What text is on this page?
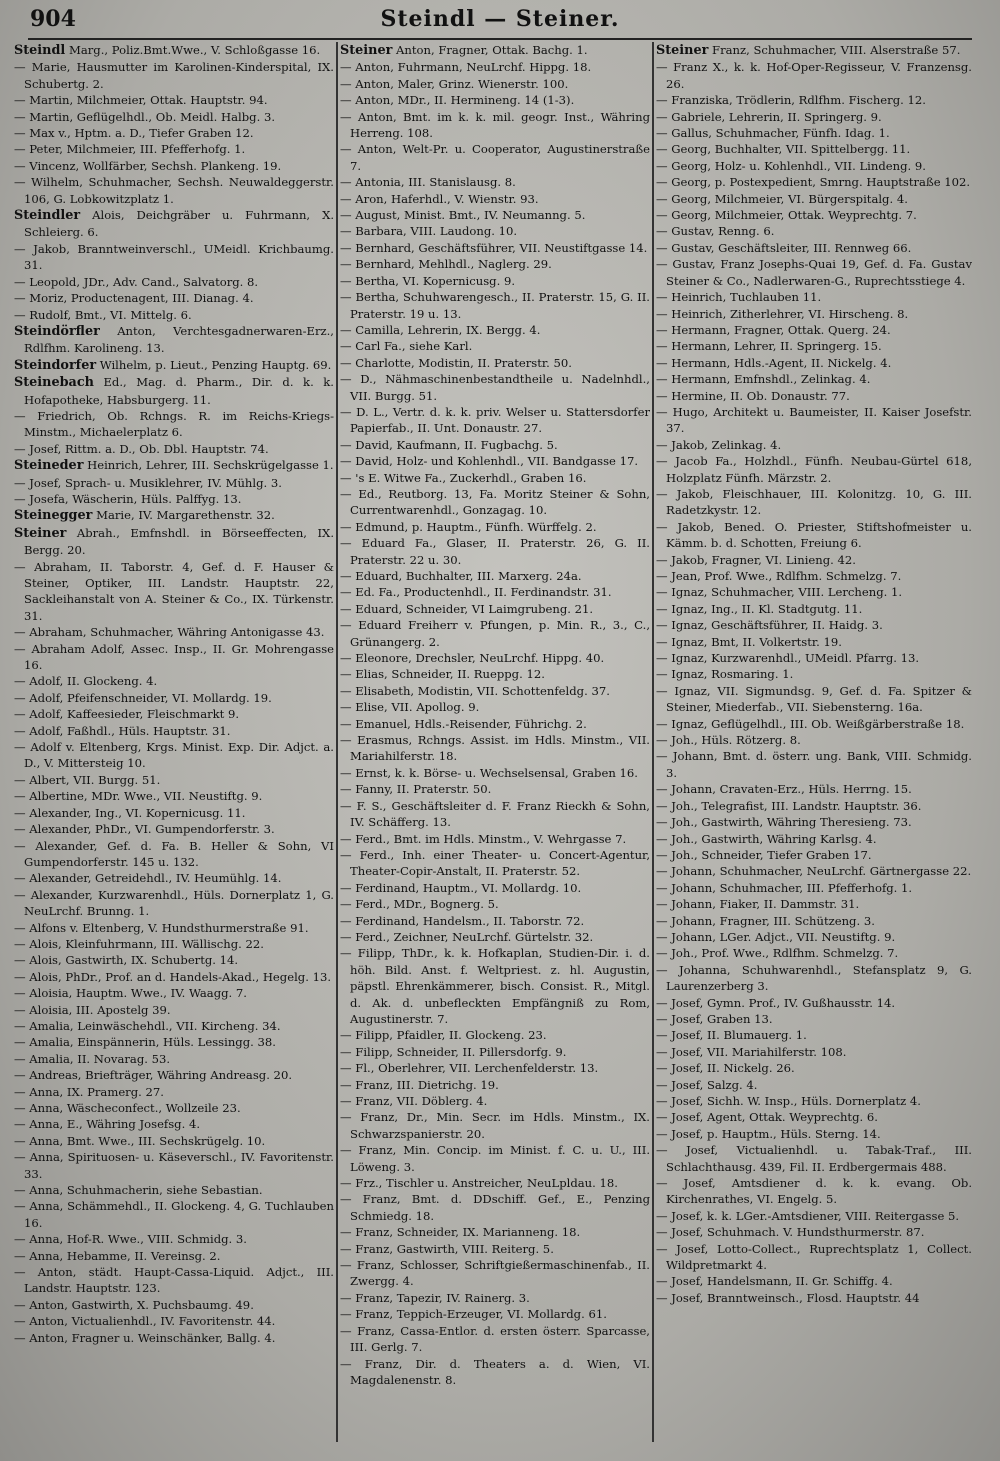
904	Steindl — Steiner.
Steindl Marg., Poliz.Bmt.Wwe., V. Schloßgasse 16.
— Marie, Hausmutter im Karolinen-Kinderspital, IX. Schubertg. 2.
— Martin, Milchmeier, Ottak. Hauptstr. 94.
— Martin, Geflügelhdl., Ob. Meidl. Halbg. 3.
— Max v., Hptm. a. D., Tiefer Graben 12.
— Peter, Milchmeier, III. Pfefferhofg. 1.
— Vincenz, Wollfärber, Sechsh. Plankeng. 19.
— Wilhelm, Schuhmacher, Sechsh. Neuwaldeggerstr. 106, G. Lobkowitzplatz 1.
Steindler Alois, Deichgräber u. Fuhrmann, X. Schleierg. 6.
— Jakob, Branntweinverschl., UMeidl. Krichbaumg. 31.
— Leopold, JDr., Adv. Cand., Salvatorg. 8.
— Moriz, Productenagent, III. Dianag. 4.
— Rudolf, Bmt., VI. Mittelg. 6.
Steindörfler Anton, Verchtesgadnerwaren-Erz., Rdlfhm. Karolineng. 13.
Steindorfer Wilhelm, p. Lieut., Penzing Hauptg. 69.
Steinebach Ed., Mag. d. Pharm., Dir. d. k. k. Hofapotheke, Habsburgerg. 11.
— Friedrich, Ob. Rchngs. R. im Reichs-Kriegs-Minstm., Michaelerplatz 6.
— Josef, Rittm. a. D., Ob. Dbl. Hauptstr. 74.
Steineder Heinrich, Lehrer, III. Sechskrügelgasse 1.
— Josef, Sprach- u. Musiklehrer, IV. Mühlg. 3.
— Josefa, Wäscherin, Hüls. Palffyg. 13.
Steinegger Marie, IV. Margarethenstr. 32.
Steiner Abrah., Emfnshdl. in Börseeffecten, IX. Bergg. 20.
— Abraham, II. Taborstr. 4, Gef. d. F. Hauser & Steiner, Optiker, III. Landstr. Hauptstr. 22, Sackleihanstalt von A. Steiner & Co., IX. Türkenstr. 31.
— Abraham, Schuhmacher, Währing Antonigasse 43.
— Abraham Adolf, Assec. Insp., II. Gr. Mohrengasse 16.
— Adolf, II. Glockeng. 4.
— Adolf, Pfeifenschneider, VI. Mollardg. 19.
— Adolf, Kaffeesieder, Fleischmarkt 9.
— Adolf, Faßhdl., Hüls. Hauptstr. 31.
— Adolf v. Eltenberg, Krgs. Minist. Exp. Dir. Adjct. a. D., V. Mittersteig 10.
— Albert, VII. Burgg. 51.
— Albertine, MDr. Wwe., VII. Neustiftg. 9.
— Alexander, Ing., VI. Kopernicusg. 11.
— Alexander, PhDr., VI. Gumpendorferstr. 3.
— Alexander, Gef. d. Fa. B. Heller & Sohn, VI Gumpendorferstr. 145 u. 132.
— Alexander, Getreidehdl., IV. Heumühlg. 14.
— Alexander, Kurzwarenhdl., Hüls. Dornerplatz 1, G. NeuLrchf. Brunng. 1.
— Alfons v. Eltenberg, V. Hundsthurmerstraße 91.
— Alois, Kleinfuhrmann, III. Wällischg. 22.
— Alois, Gastwirth, IX. Schubertg. 14.
— Alois, PhDr., Prof. an d. Handels-Akad., Hegelg. 13.
— Aloisia, Hauptm. Wwe., IV. Waagg. 7.
— Aloisia, III. Apostelg 39.
— Amalia, Leinwäschehdl., VII. Kircheng. 34.
— Amalia, Einspännerin, Hüls. Lessingg. 38.
— Amalia, II. Novarag. 53.
— Andreas, Briefträger, Währing Andreasg. 20.
— Anna, IX. Pramerg. 27.
— Anna, Wäscheconfect., Wollzeile 23.
— Anna, E., Währing Josefsg. 4.
— Anna, Bmt. Wwe., III. Sechskrügelg. 10.
— Anna, Spirituosen- u. Käseverschl., IV. Favoritenstr. 33.
— Anna, Schuhmacherin, siehe Sebastian.
— Anna, Schämmehdl., II. Glockeng. 4, G. Tuchlauben 16.
— Anna, Hof-R. Wwe., VIII. Schmidg. 3.
— Anna, Hebamme, II. Vereinsg. 2.
— Anton, städt. Haupt-Cassa-Liquid. Adjct., III. Landstr. Hauptstr. 123.
— Anton, Gastwirth, X. Puchsbaumg. 49.
— Anton, Victualienhdl., IV. Favoritenstr. 44.
— Anton, Fragner u. Weinschänker, Ballg. 4.
Steiner Anton, Fragner, Ottak. Bachg. 1.
— Anton, Fuhrmann, NeuLrchf. Hippg. 18.
— Anton, Maler, Grinz. Wienerstr. 100.
— Anton, MDr., II. Hermineng. 14 (1-3).
— Anton, Bmt. im k. k. mil. geogr. Inst., Währing Herreng. 108.
— Anton, Welt-Pr. u. Cooperator, Augustinerstraße 7.
— Antonia, III. Stanislausg. 8.
— Aron, Haferhdl., V. Wienstr. 93.
— August, Minist. Bmt., IV. Neumanng. 5.
— Barbara, VIII. Laudong. 10.
— Bernhard, Geschäftsführer, VII. Neustiftgasse 14.
— Bernhard, Mehlhdl., Naglerg. 29.
— Bertha, VI. Kopernicusg. 9.
— Bertha, Schuhwarengesch., II. Praterstr. 15, G. II. Praterstr. 19 u. 13.
— Camilla, Lehrerin, IX. Bergg. 4.
— Carl Fa., siehe Karl.
— Charlotte, Modistin, II. Praterstr. 50.
— D., Nähmaschinenbestandtheile u. Nadelnhdl., VII. Burgg. 51.
— D. L., Vertr. d. k. k. priv. Welser u. Stattersdorfer Papierfab., II. Unt. Donaustr. 27.
— David, Kaufmann, II. Fugbachg. 5.
— David, Holz- und Kohlenhdl., VII. Bandgasse 17.
— 's E. Witwe Fa., Zuckerhdl., Graben 16.
— Ed., Reutborg. 13, Fa. Moritz Steiner & Sohn, Currentwarenhdl., Gonzagag. 10.
— Edmund, p. Hauptm., Fünfh. Würffelg. 2.
— Eduard Fa., Glaser, II. Praterstr. 26, G. II. Praterstr. 22 u. 30.
— Eduard, Buchhalter, III. Marxerg. 24a.
— Ed. Fa., Productenhdl., II. Ferdinandstr. 31.
— Eduard, Schneider, VI Laimgrubeng. 21.
— Eduard Freiherr v. Pfungen, p. Min. R., 3., C., Grünangerg. 2.
— Eleonore, Drechsler, NeuLrchf. Hippg. 40.
— Elias, Schneider, II. Rueppg. 12.
— Elisabeth, Modistin, VII. Schottenfeldg. 37.
— Elise, VII. Apollog. 9.
— Emanuel, Hdls.-Reisender, Führichg. 2.
— Erasmus, Rchngs. Assist. im Hdls. Minstm., VII. Mariahilferstr. 18.
— Ernst, k. k. Börse- u. Wechselsensal, Graben 16.
— Fanny, II. Praterstr. 50.
— F. S., Geschäftsleiter d. F. Franz Rieckh & Sohn, IV. Schäfferg. 13.
— Ferd., Bmt. im Hdls. Minstm., V. Wehrgasse 7.
— Ferd., Inh. einer Theater- u. Concert-Agentur, Theater-Copir-Anstalt, II. Praterstr. 52.
— Ferdinand, Hauptm., VI. Mollardg. 10.
— Ferd., MDr., Bognerg. 5.
— Ferdinand, Handelsm., II. Taborstr. 72.
— Ferd., Zeichner, NeuLrchf. Gürtelstr. 32.
— Filipp, ThDr., k. k. Hofkaplan, Studien-Dir. i. d. höh. Bild. Anst. f. Weltpriest. z. hl. Augustin, päpstl. Ehrenkämmerer, bisch. Consist. R., Mitgl. d. Ak. d. unbefleckten Empfängniß zu Rom, Augustinerstr. 7.
— Filipp, Pfaidler, II. Glockeng. 23.
— Filipp, Schneider, II. Pillersdorfg. 9.
— Fl., Oberlehrer, VII. Lerchenfelderstr. 13.
— Franz, III. Dietrichg. 19.
— Franz, VII. Döblerg. 4.
— Franz, Dr., Min. Secr. im Hdls. Minstm., IX. Schwarzspanierstr. 20.
— Franz, Min. Concip. im Minist. f. C. u. U., III. Löweng. 3.
— Frz., Tischler u. Anstreicher, NeuLpldau. 18.
— Franz, Bmt. d. DDschiff. Gef., E., Penzing Schmiedg. 18.
— Franz, Schneider, IX. Marianneng. 18.
— Franz, Gastwirth, VIII. Reiterg. 5.
— Franz, Schlosser, Schriftgießermaschinenfab., II. Zwergg. 4.
— Franz, Tapezir, IV. Rainerg. 3.
— Franz, Teppich-Erzeuger, VI. Mollardg. 61.
— Franz, Cassa-Entlor. d. ersten österr. Sparcasse, III. Gerlg. 7.
— Franz, Dir. d. Theaters a. d. Wien, VI. Magdalenenstr. 8.
Steiner Franz, Schuhmacher, VIII. Alserstraße 57.
— Franz X., k. k. Hof-Oper-Regisseur, V. Franzensg. 26.
— Franziska, Trödlerin, Rdlfhm. Fischerg. 12.
— Gabriele, Lehrerin, II. Springerg. 9.
— Gallus, Schuhmacher, Fünfh. Idag. 1.
— Georg, Buchhalter, VII. Spittelbergg. 11.
— Georg, Holz- u. Kohlenhdl., VII. Lindeng. 9.
— Georg, p. Postexpedient, Smrng. Hauptstraße 102.
— Georg, Milchmeier, VI. Bürgerspitalg. 4.
— Georg, Milchmeier, Ottak. Weyprechtg. 7.
— Gustav, Renng. 6.
— Gustav, Geschäftsleiter, III. Rennweg 66.
— Gustav, Franz Josephs-Quai 19, Gef. d. Fa. Gustav Steiner & Co., Nadlerwaren-G., Ruprechtsstiege 4.
— Heinrich, Tuchlauben 11.
— Heinrich, Zitherlehrer, VI. Hirscheng. 8.
— Hermann, Fragner, Ottak. Querg. 24.
— Hermann, Lehrer, II. Springerg. 15.
— Hermann, Hdls.-Agent, II. Nickelg. 4.
— Hermann, Emfnshdl., Zelinkag. 4.
— Hermine, II. Ob. Donaustr. 77.
— Hugo, Architekt u. Baumeister, II. Kaiser Josefstr. 37.
— Jakob, Zelinkag. 4.
— Jacob Fa., Holzhdl., Fünfh. Neubau-Gürtel 618, Holzplatz Fünfh. Märzstr. 2.
— Jakob, Fleischhauer, III. Kolonitzg. 10, G. III. Radetzkystr. 12.
— Jakob, Bened. O. Priester, Stiftshofmeister u. Kämm. b. d. Schotten, Freiung 6.
— Jakob, Fragner, VI. Linieng. 42.
— Jean, Prof. Wwe., Rdlfhm. Schmelzg. 7.
— Ignaz, Schuhmacher, VIII. Lercheng. 1.
— Ignaz, Ing., II. Kl. Stadtgutg. 11.
— Ignaz, Geschäftsführer, II. Haidg. 3.
— Ignaz, Bmt, II. Volkertstr. 19.
— Ignaz, Kurzwarenhdl., UMeidl. Pfarrg. 13.
— Ignaz, Rosmaring. 1.
— Ignaz, VII. Sigmundsg. 9, Gef. d. Fa. Spitzer & Steiner, Miederfab., VII. Siebensterng. 16a.
— Ignaz, Geflügelhdl., III. Ob. Weißgärberstraße 18.
— Joh., Hüls. Rötzerg. 8.
— Johann, Bmt. d. österr. ung. Bank, VIII. Schmidg. 3.
— Johann, Cravaten-Erz., Hüls. Herrng. 15.
— Joh., Telegrafist, III. Landstr. Hauptstr. 36.
— Joh., Gastwirth, Währing Theresieng. 73.
— Joh., Gastwirth, Währing Karlsg. 4.
— Joh., Schneider, Tiefer Graben 17.
— Johann, Schuhmacher, NeuLrchf. Gärtnergasse 22.
— Johann, Schuhmacher, III. Pfefferhofg. 1.
— Johann, Fiaker, II. Dammstr. 31.
— Johann, Fragner, III. Schützeng. 3.
— Johann, LGer. Adjct., VII. Neustiftg. 9.
— Joh., Prof. Wwe., Rdlfhm. Schmelzg. 7.
— Johanna, Schuhwarenhdl., Stefansplatz 9, G. Laurenzerberg 3.
— Josef, Gymn. Prof., IV. Gußhausstr. 14.
— Josef, Graben 13.
— Josef, II. Blumauerg. 1.
— Josef, VII. Mariahilferstr. 108.
— Josef, II. Nickelg. 26.
— Josef, Salzg. 4.
— Josef, Sichh. W. Insp., Hüls. Dornerplatz 4.
— Josef, Agent, Ottak. Weyprechtg. 6.
— Josef, p. Hauptm., Hüls. Sterng. 14.
— Josef, Victualienhdl. u. Tabak-Traf., III. Schlachthausg. 439, Fil. II. Erdbergermais 488.
— Josef, Amtsdiener d. k. k. evang. Ob. Kirchenrathes, VI. Engelg. 5.
— Josef, k. k. LGer.-Amtsdiener, VIII. Reitergasse 5.
— Josef, Schuhmach. V. Hundsthurmerstr. 87.
— Josef, Lotto-Collect., Ruprechtsplatz 1, Collect. Wildpretmarkt 4.
— Josef, Handelsmann, II. Gr. Schiffg. 4.
— Josef, Branntweinsch., Flosd. Hauptstr. 44
